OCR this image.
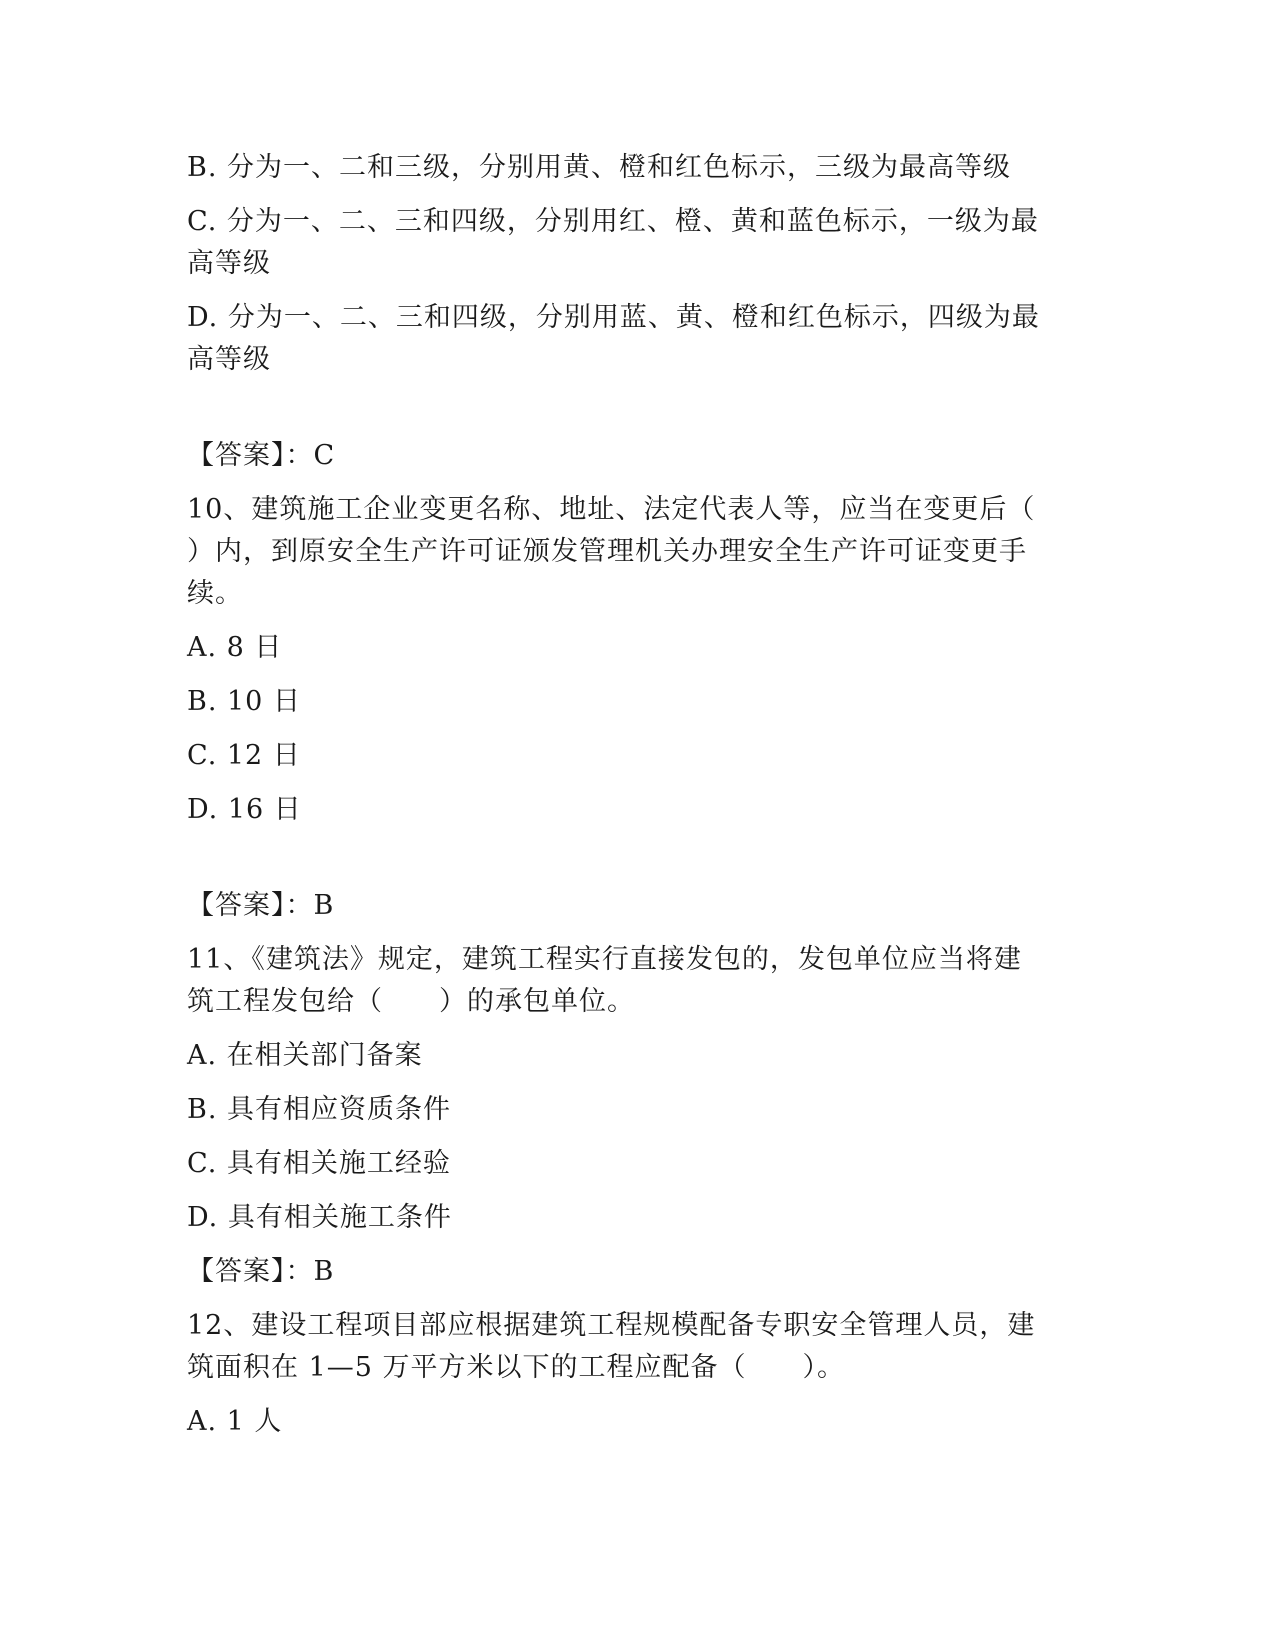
B. 分为一、二和三级，分别用黄、橙和红色标示，三级为最高等级
C. 分为一、二、三和四级，分别用红、橙、黄和蓝色标示，一级为最
高等级
D. 分为一、二、三和四级，分别用蓝、黄、橙和红色标示，四级为最
高等级
【答案】：C
10、建筑施工企业变更名称、地址、法定代表人等，应当在变更后（
）内，到原安全生产许可证颁发管理机关办理安全生产许可证变更手
续。
A. 8 日
B. 10 日
C. 12 日
D. 16 日
【答案】：B
11、《建筑法》规定，建筑工程实行直接发包的，发包单位应当将建
筑工程发包给（　　）的承包单位。
A. 在相关部门备案
B. 具有相应资质条件
C. 具有相关施工经验
D. 具有相关施工条件
【答案】：B
12、建设工程项目部应根据建筑工程规模配备专职安全管理人员，建
筑面积在 1—5 万平方米以下的工程应配备（　　）。
A. 1 人
